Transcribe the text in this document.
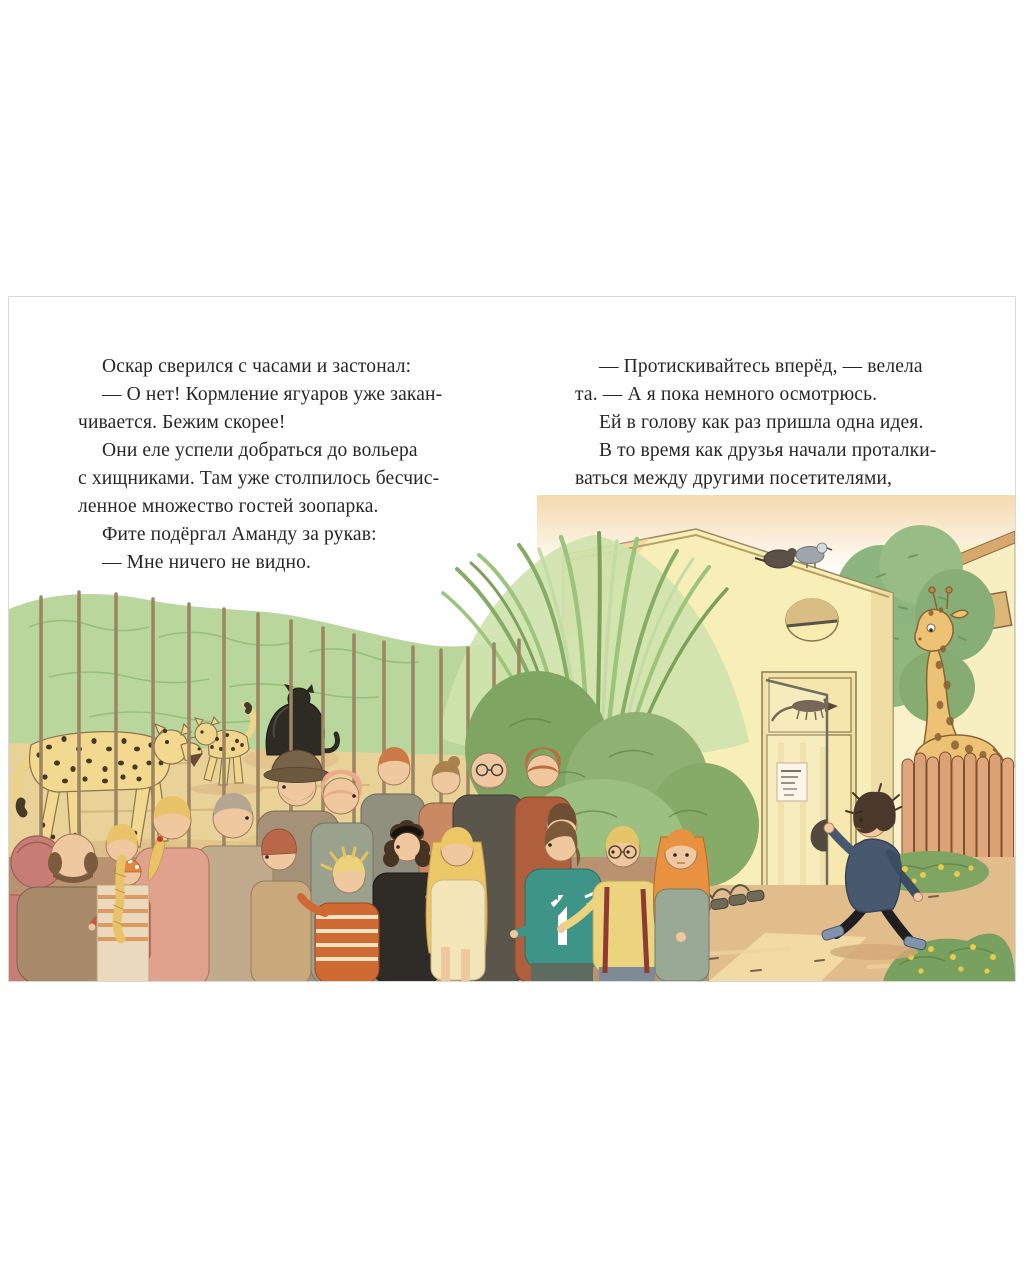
Оскар сверился с часами и застонал:
— О нет! Кормление ягуаров уже закан-
чивается. Бежим скорее!
Они еле успели добраться до вольера
с хищниками. Там уже столпилось бесчис-
ленное множество гостей зоопарка.
Фите подёргал Аманду за рукав:
— Мне ничего не видно.
— Протискивайтесь вперёд, — велела
та. — А я пока немного осмотрюсь.
Ей в голову как раз пришла одна идея.
В то время как друзья начали проталки-
ваться между другими посетителями,
